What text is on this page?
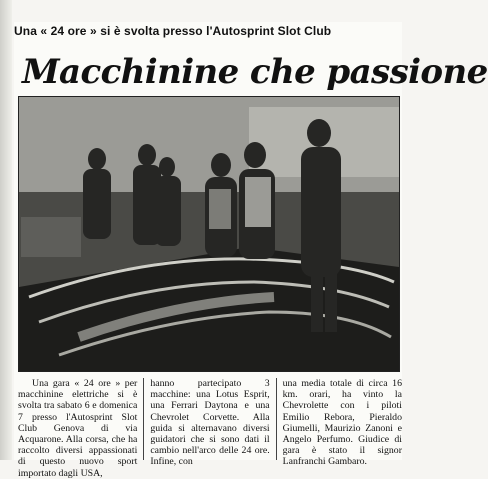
Una « 24 ore » si è svolta presso l'Autosprint Slot Club
Macchinine che passione
Una gara « 24 ore » per macchinine elettriche si è svolta tra sabato 6 e domenica 7 presso l'Autosprint Slot Club Genova di via Acquarone. Alla corsa, che ha raccolto diversi appassionati di questo nuovo sport importato dagli USA,
hanno partecipato 3 macchine: una Lotus Esprit, una Ferrari Daytona e una Chevrolet Corvette. Alla guida si alternavano diversi guidatori che si sono dati il cambio nell'arco delle 24 ore. Infine, con
una media totale di circa 16 km. orari, ha vinto la Chevrolette con i piloti Emilio Rebora, Pieraldo Giumelli, Maurizio Zanoni e Angelo Perfumo. Giudice di gara è stato il signor Lanfranchi Gambaro.
